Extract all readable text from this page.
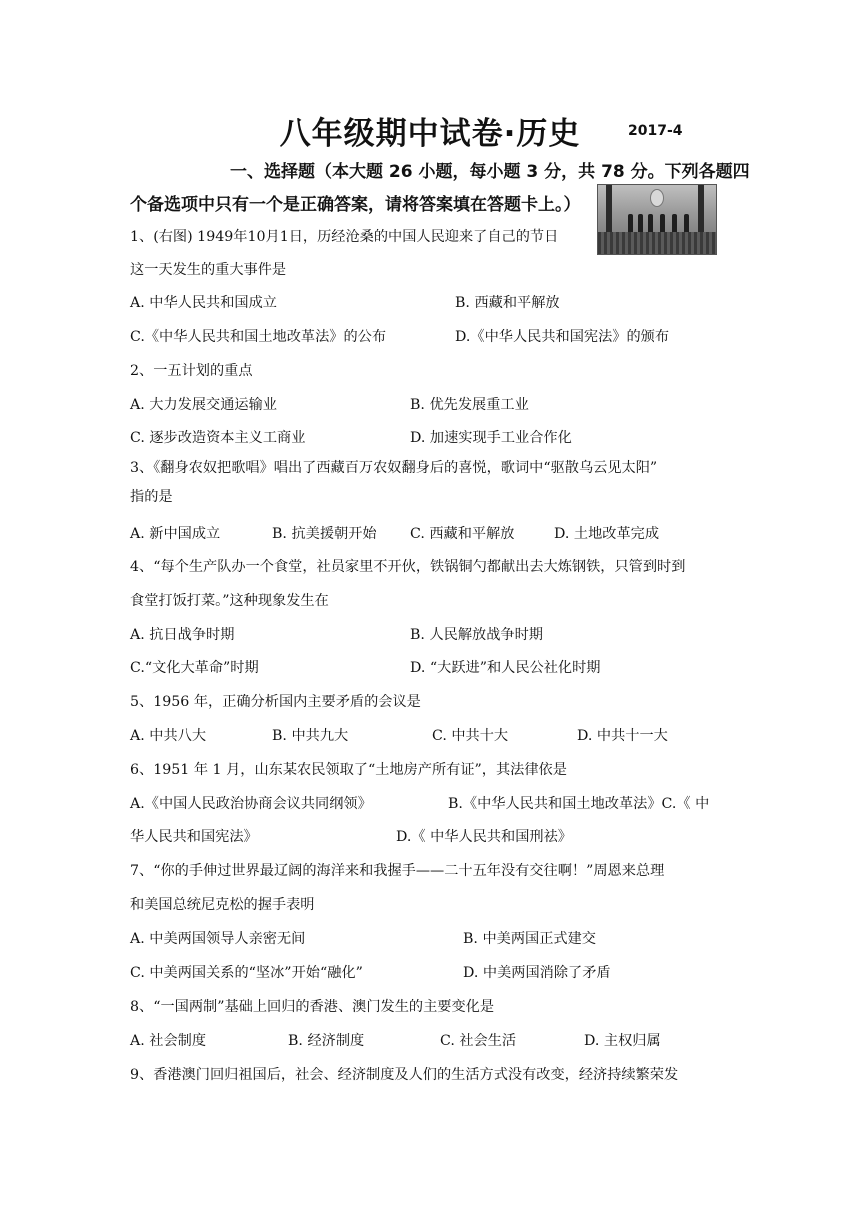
八年级期中试卷·历史	2017-4
一、选择题（本大题 26 小题，每小题 3 分，共 78 分。下列各题四
个备选项中只有一个是正确答案，请将答案填在答题卡上。）
1、(右图) 1949年10月1日，历经沧桑的中国人民迎来了自己的节日
这一天发生的重大事件是
A. 中华人民共和国成立	B. 西藏和平解放
C.《中华人民共和国土地改革法》的公布	D.《中华人民共和国宪法》的颁布
2、一五计划的重点
A. 大力发展交通运输业	B. 优先发展重工业
C. 逐步改造资本主义工商业	D. 加速实现手工业合作化
3、《翻身农奴把歌唱》唱出了西藏百万农奴翻身后的喜悦，歌词中“驱散乌云见太阳”
指的是
A. 新中国成立	B. 抗美援朝开始 C. 西藏和平解放	D. 土地改革完成
4、“每个生产队办一个食堂，社员家里不开伙，铁锅铜勺都献出去大炼钢铁，只管到时到
食堂打饭打菜。”这种现象发生在
A. 抗日战争时期	B. 人民解放战争时期
C.“文化大革命”时期	D. “大跃进”和人民公社化时期
5、1956 年，正确分析国内主要矛盾的会议是
A. 中共八大	B. 中共九大	C. 中共十大	D. 中共十一大
6、1951 年 1 月，山东某农民领取了“土地房产所有证”，其法律依是
A.《中国人民政治协商会议共同纲领》	B.《中华人民共和国土地改革法》C.《 中
华人民共和国宪法》	D.《 中华人民共和国刑祛》
7、“你的手伸过世界最辽阔的海洋来和我握手——二十五年没有交往啊！”周恩来总理
和美国总统尼克松的握手表明
A. 中美两国领导人亲密无间	B. 中美两国正式建交
C. 中美两国关系的“坚冰”开始“融化”	D. 中美两国消除了矛盾
8、“一国两制”基础上回归的香港、澳门发生的主要变化是
A. 社会制度	B. 经济制度	C. 社会生活	D. 主权归属
9、香港澳门回归祖国后，社会、经济制度及人们的生活方式没有改变，经济持续繁荣发
